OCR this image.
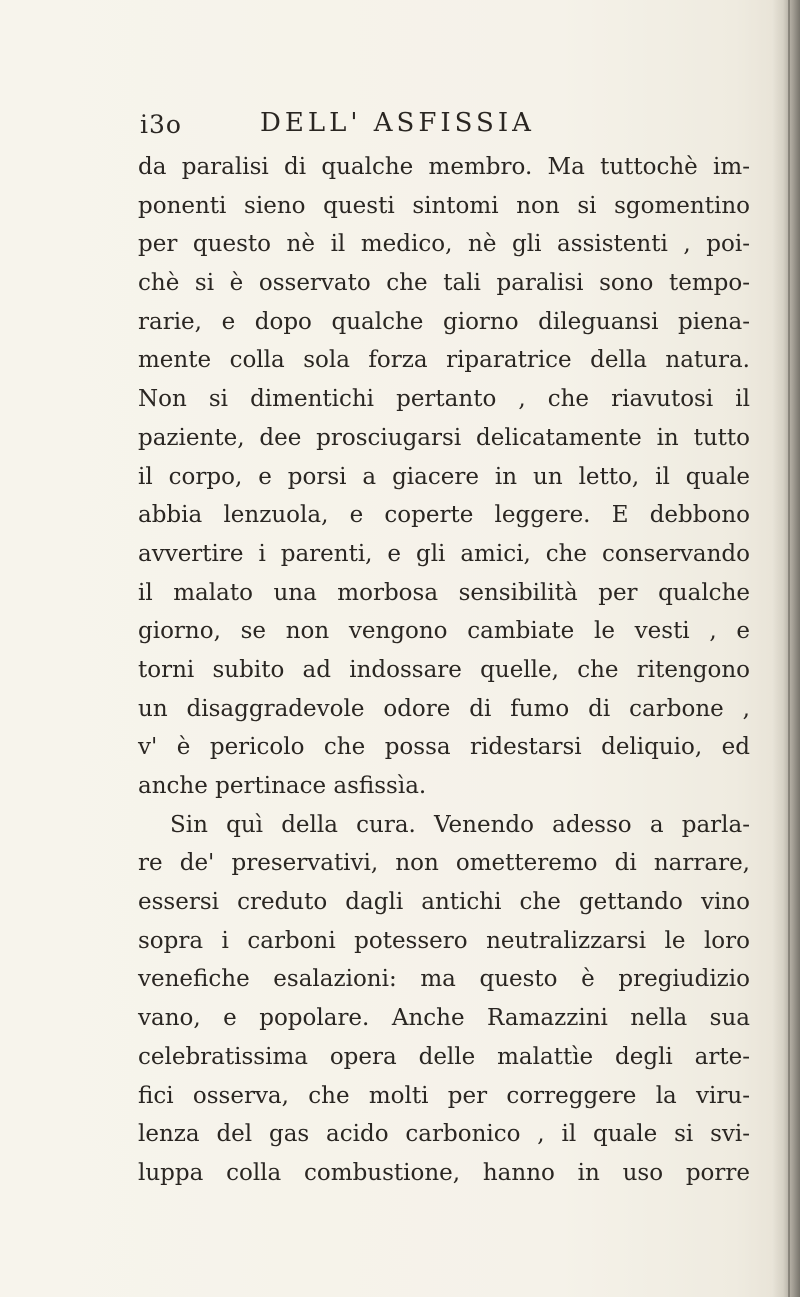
i3o	DELL' ASFISSIA
da paralisi di qualche membro. Ma tuttochè im-
ponenti sieno questi sintomi non si sgomentino
per questo nè il medico, nè gli assistenti , poi-
chè si è osservato che tali paralisi sono tempo-
rarie, e dopo qualche giorno dileguansi piena-
mente colla sola forza riparatrice della natura.
Non si dimentichi pertanto , che riavutosi il
paziente, dee prosciugarsi delicatamente in tutto
il corpo, e porsi a giacere in un letto, il quale
abbia lenzuola, e coperte leggere. E debbono
avvertire i parenti, e gli amici, che conservando
il malato una morbosa sensibilità per qualche
giorno, se non vengono cambiate le vesti , e
torni subito ad indossare quelle, che ritengono
un disaggradevole odore di fumo di carbone ,
v' è pericolo che possa ridestarsi deliquio, ed
anche pertinace asfissìa.
Sin quì della cura. Venendo adesso a parla-
re de' preservativi, non ometteremo di narrare,
essersi creduto dagli antichi che gettando vino
sopra i carboni potessero neutralizzarsi le loro
venefiche esalazioni: ma questo è pregiudizio
vano, e popolare. Anche Ramazzini nella sua
celebratissima opera delle malattìe degli arte-
fici osserva, che molti per correggere la viru-
lenza del gas acido carbonico , il quale si svi-
luppa colla combustione, hanno in uso porre
